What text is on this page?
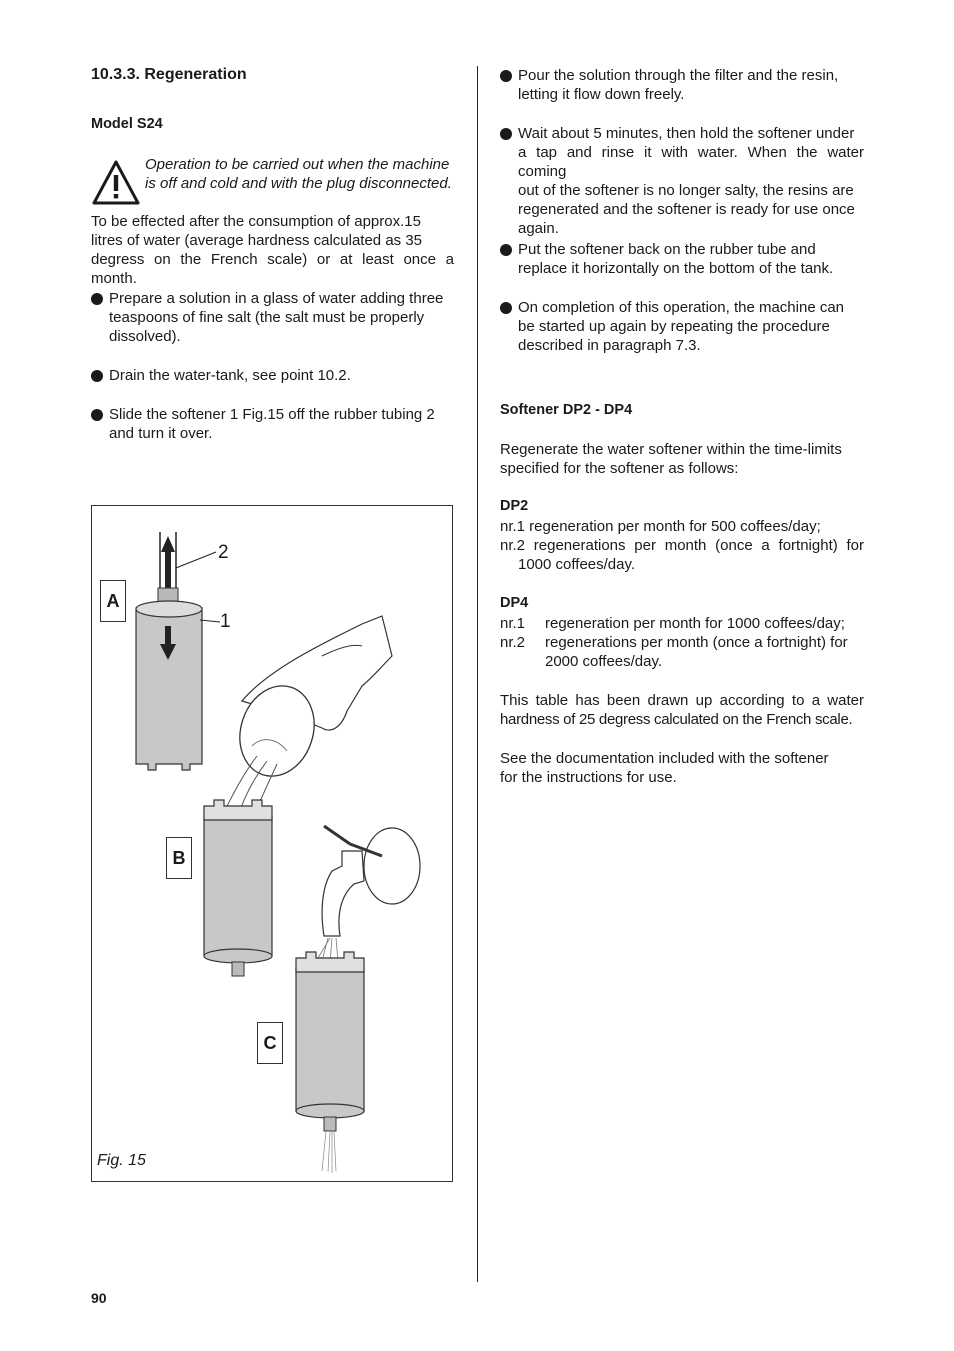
10.3.3. Regeneration
Model S24
Operation to be carried out when the machine
is off and cold and with the plug disconnected.
To be effected after the consumption of approx.15
litres of water (average hardness calculated as 35
degress on the French scale) or at least once a month.
Prepare a solution in a glass of water adding three
teaspoons of fine salt (the salt must be properly
dissolved).
Drain the water-tank, see point 10.2.
Slide the softener 1 Fig.15 off the rubber tubing 2
and turn it over.
A
B
C
2
1
Fig. 15
Pour the solution through the filter and the resin,
letting it flow down freely.
Wait about 5 minutes, then hold the softener under
a tap and rinse it with water. When the water coming
out of the softener is no longer salty, the resins are
regenerated and the softener is ready for use once
again.
Put the softener back on the rubber tube and
replace it horizontally on the bottom of the tank.
On completion of this operation, the machine can
be started up again by repeating the procedure
described in paragraph 7.3.
Softener DP2 - DP4
Regenerate the water softener within the time-limits
specified for the softener as follows:
DP2
nr.1 regeneration per month for 500 coffees/day;
nr.2 regenerations per month (once a fortnight) for
1000 coffees/day.
DP4
nr.1	regeneration per month for 1000 coffees/day;
nr.2	regenerations per month (once a fortnight) for
2000 coffees/day.
This table has been drawn up according to a water
hardness of 25 degress calculated on the French scale.
See the documentation included with the softener
for the instructions for use.
90
